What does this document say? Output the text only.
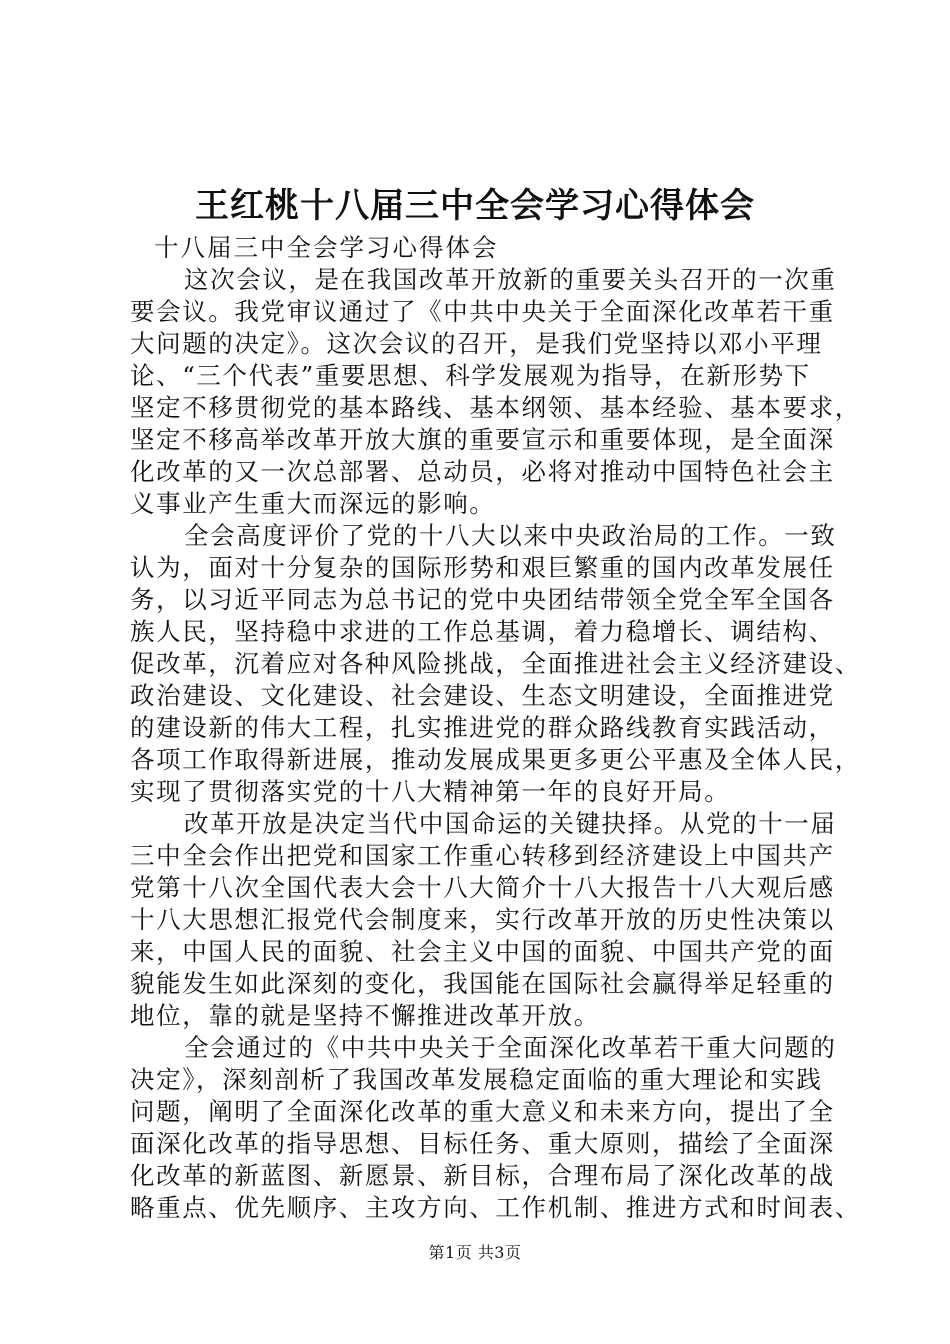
王红桃十八届三中全会学习心得体会
十八届三中全会学习心得体会
这次会议，是在我国改革开放新的重要关头召开的一次重
要会议。我党审议通过了《中共中央关于全面深化改革若干重
大问题的决定》。这次会议的召开，是我们党坚持以邓小平理
论、“三个代表”重要思想、科学发展观为指导，在新形势下
坚定不移贯彻党的基本路线、基本纲领、基本经验、基本要求，
坚定不移高举改革开放大旗的重要宣示和重要体现，是全面深
化改革的又一次总部署、总动员，必将对推动中国特色社会主
义事业产生重大而深远的影响。
全会高度评价了党的十八大以来中央政治局的工作。一致
认为，面对十分复杂的国际形势和艰巨繁重的国内改革发展任
务，以习近平同志为总书记的党中央团结带领全党全军全国各
族人民，坚持稳中求进的工作总基调，着力稳增长、调结构、
促改革，沉着应对各种风险挑战，全面推进社会主义经济建设、
政治建设、文化建设、社会建设、生态文明建设，全面推进党
的建设新的伟大工程，扎实推进党的群众路线教育实践活动，
各项工作取得新进展，推动发展成果更多更公平惠及全体人民，
实现了贯彻落实党的十八大精神第一年的良好开局。
改革开放是决定当代中国命运的关键抉择。从党的十一届
三中全会作出把党和国家工作重心转移到经济建设上中国共产
党第十八次全国代表大会十八大简介十八大报告十八大观后感
十八大思想汇报党代会制度来，实行改革开放的历史性决策以
来，中国人民的面貌、社会主义中国的面貌、中国共产党的面
貌能发生如此深刻的变化，我国能在国际社会赢得举足轻重的
地位，靠的就是坚持不懈推进改革开放。
全会通过的《中共中央关于全面深化改革若干重大问题的
决定》，深刻剖析了我国改革发展稳定面临的重大理论和实践
问题，阐明了全面深化改革的重大意义和未来方向，提出了全
面深化改革的指导思想、目标任务、重大原则，描绘了全面深
化改革的新蓝图、新愿景、新目标，合理布局了深化改革的战
略重点、优先顺序、主攻方向、工作机制、推进方式和时间表、
第1页 共3页
